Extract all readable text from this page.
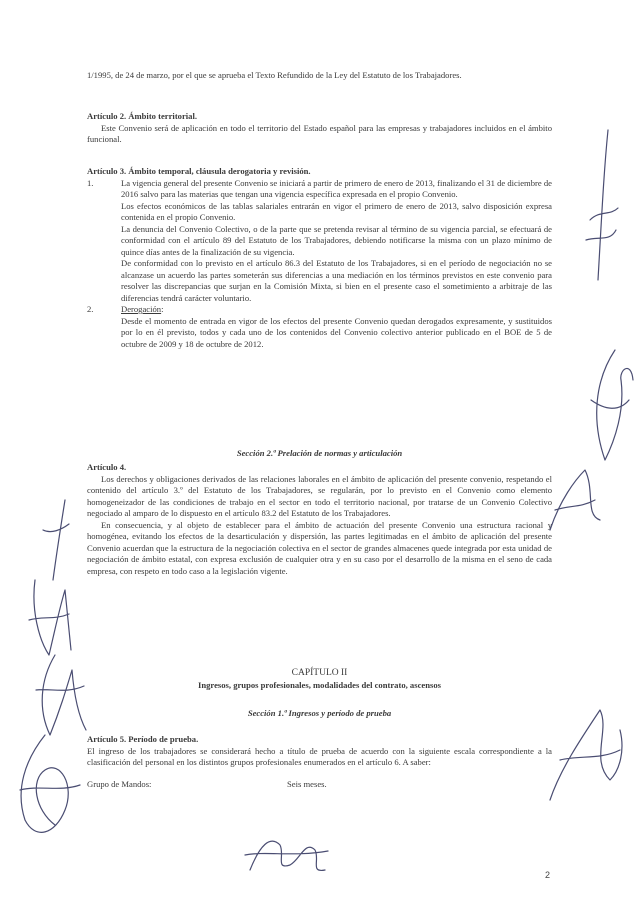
1/1995, de 24 de marzo, por el que se aprueba el Texto Refundido de la Ley del Estatuto de los Trabajadores.

Artículo 2. Ámbito territorial.

Este Convenio será de aplicación en todo el territorio del Estado español para las empresas y trabajadores incluidos en el ámbito funcional.

Artículo 3. Ámbito temporal, cláusula derogatoria y revisión.

1.	La vigencia general del presente Convenio se iniciará a partir de primero de enero de 2013, finalizando el 31 de diciembre de 2016 salvo para las materias que tengan una vigencia específica expresada en el propio Convenio.

Los efectos económicos de las tablas salariales entrarán en vigor el primero de enero de 2013, salvo disposición expresa contenida en el propio Convenio.

La denuncia del Convenio Colectivo, o de la parte que se pretenda revisar al término de su vigencia parcial, se efectuará de conformidad con el artículo 89 del Estatuto de los Trabajadores, debiendo notificarse la misma con un plazo mínimo de quince días antes de la finalización de su vigencia.

De conformidad con lo previsto en el artículo 86.3 del Estatuto de los Trabajadores, si en el período de negociación no se alcanzase un acuerdo las partes someterán sus diferencias a una mediación en los términos previstos en este convenio para resolver las discrepancias que surjan en la Comisión Mixta, si bien en el presente caso el sometimiento a arbitraje de las diferencias tendrá carácter voluntario.

2.	Derogación:

Desde el momento de entrada en vigor de los efectos del presente Convenio quedan derogados expresamente, y sustituidos por lo en él previsto, todos y cada uno de los contenidos del Convenio colectivo anterior publicado en el BOE de 5 de octubre de 2009 y 18 de octubre de 2012.

Sección 2.ª Prelación de normas y articulación

Artículo 4.

Los derechos y obligaciones derivados de las relaciones laborales en el ámbito de aplicación del presente convenio, respetando el contenido del artículo 3.º del Estatuto de los Trabajadores, se regularán, por lo previsto en el Convenio como elemento homogeneizador de las condiciones de trabajo en el sector en todo el territorio nacional, por tratarse de un Convenio Colectivo negociado al amparo de lo dispuesto en el artículo 83.2 del Estatuto de los Trabajadores.

En consecuencia, y al objeto de establecer para el ámbito de actuación del presente Convenio una estructura racional y homogénea, evitando los efectos de la desarticulación y dispersión, las partes legitimadas en el ámbito de aplicación del presente Convenio acuerdan que la estructura de la negociación colectiva en el sector de grandes almacenes quede integrada por esta unidad de negociación de ámbito estatal, con expresa exclusión de cualquier otra y en su caso por el desarrollo de la misma en el seno de cada empresa, con respeto en todo caso a la legislación vigente.

CAPÍTULO II

Ingresos, grupos profesionales, modalidades del contrato, ascensos

Sección 1.ª Ingresos y período de prueba

Artículo 5. Período de prueba.

El ingreso de los trabajadores se considerará hecho a título de prueba de acuerdo con la siguiente escala correspondiente a la clasificación del personal en los distintos grupos profesionales enumerados en el artículo 6. A saber:

Grupo de Mandos:	Seis meses.
2
